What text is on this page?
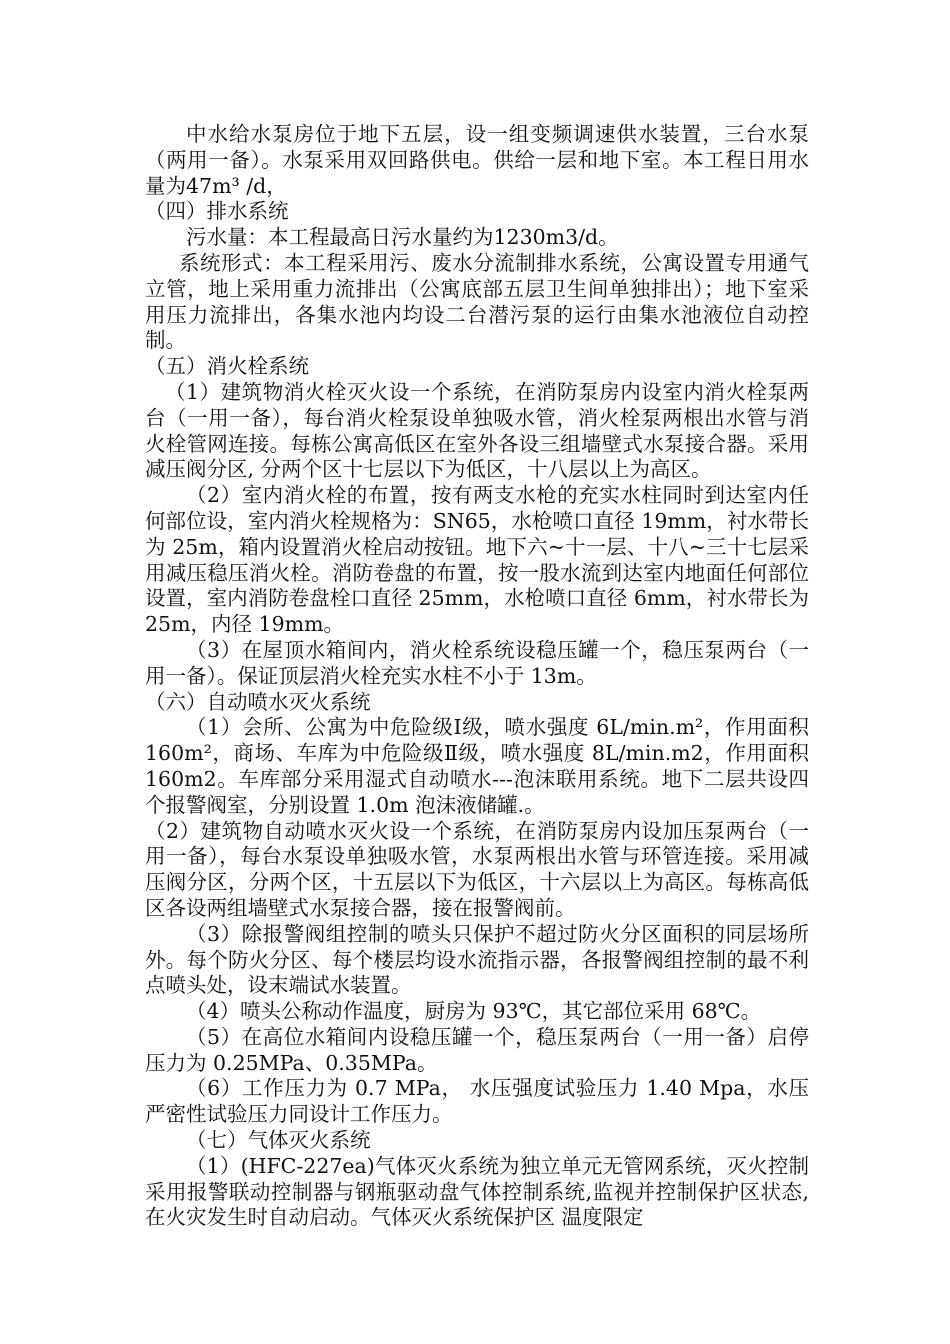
中水给水泵房位于地下五层，设一组变频调速供水装置，三台水泵（两用一备）。水泵采用双回路供电。供给一层和地下室。本工程日用水量为47m³ /d，

（四）排水系统

污水量：本工程最高日污水量约为1230m3/d。

系统形式：本工程采用污、废水分流制排水系统，公寓设置专用通气立管，地上采用重力流排出（公寓底部五层卫生间单独排出）；地下室采用压力流排出，各集水池内均设二台潜污泵的运行由集水池液位自动控制。

（五）消火栓系统

（1）建筑物消火栓灭火设一个系统，在消防泵房内设室内消火栓泵两台（一用一备），每台消火栓泵设单独吸水管，消火栓泵两根出水管与消火栓管网连接。每栋公寓高低区在室外各设三组墙壁式水泵接合器。采用减压阀分区, 分两个区十七层以下为低区，十八层以上为高区。

（2）室内消火栓的布置，按有两支水枪的充实水柱同时到达室内任何部位设，室内消火栓规格为：SN65，水枪喷口直径 19mm，衬水带长为 25m，箱内设置消火栓启动按钮。地下六~十一层、十八~三十七层采用减压稳压消火栓。消防卷盘的布置，按一股水流到达室内地面任何部位设置，室内消防卷盘栓口直径 25mm，水枪喷口直径 6mm，衬水带长为 25m，内径 19mm。

（3）在屋顶水箱间内，消火栓系统设稳压罐一个，稳压泵两台（一用一备）。保证顶层消火栓充实水柱不小于 13m。

（六）自动喷水灭火系统

（1）会所、公寓为中危险级Ⅰ级，喷水强度 6L/min.m²，作用面积 160m²，商场、车库为中危险级Ⅱ级，喷水强度 8L/min.m2，作用面积 160m2。车库部分采用湿式自动喷水---泡沫联用系统。地下二层共设四个报警阀室，分别设置 1.0m 泡沫液储罐.。

（2）建筑物自动喷水灭火设一个系统，在消防泵房内设加压泵两台（一用一备），每台水泵设单独吸水管，水泵两根出水管与环管连接。采用减压阀分区，分两个区，十五层以下为低区，十六层以上为高区。每栋高低区各设两组墙壁式水泵接合器，接在报警阀前。

（3）除报警阀组控制的喷头只保护不超过防火分区面积的同层场所外。每个防火分区、每个楼层均设水流指示器，各报警阀组控制的最不利点喷头处，设末端试水装置。

（4）喷头公称动作温度，厨房为 93℃，其它部位采用 68℃。

（5）在高位水箱间内设稳压罐一个，稳压泵两台（一用一备）启停压力为 0.25MPa、0.35MPa。

（6）工作压力为 0.7 MPa， 水压强度试验压力 1.40 Mpa，水压严密性试验压力同设计工作压力。

（七）气体灭火系统

（1）(HFC-227ea)气体灭火系统为独立单元无管网系统，灭火控制采用报警联动控制器与钢瓶驱动盘气体控制系统,监视并控制保护区状态, 在火灾发生时自动启动。气体灭火系统保护区 温度限定
